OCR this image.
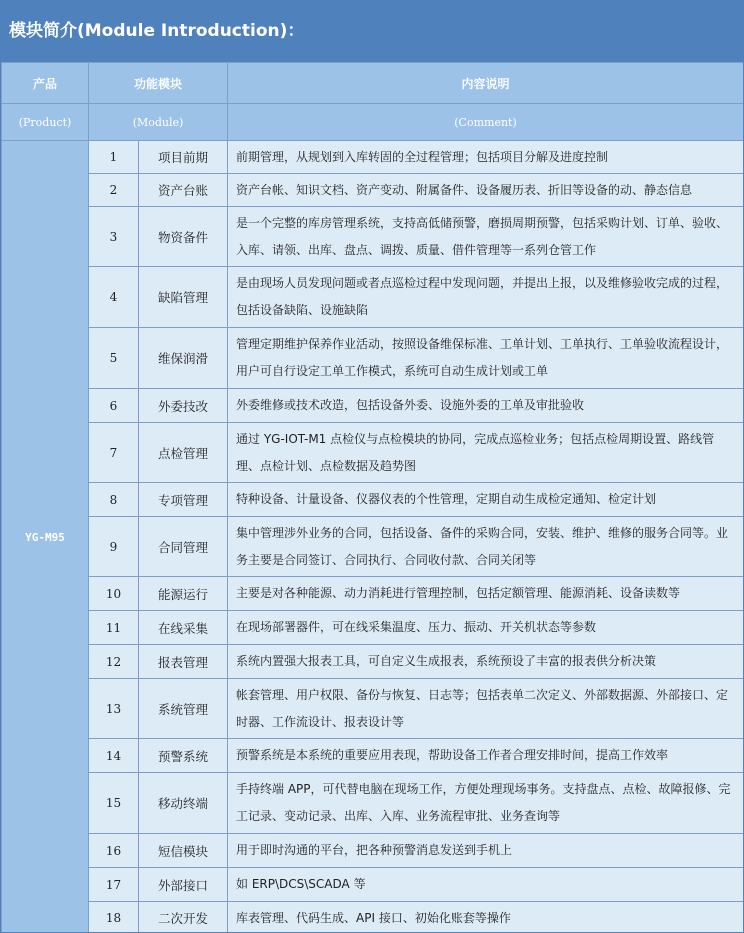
模块简介(Module Introduction)：
产品	功能模块		内容说明
(Product)	(Module)		(Comment)
YG-M95	1	项目前期	前期管理，从规划到入库转固的全过程管理；包括项目分解及进度控制
	2	资产台账	资产台帐、知识文档、资产变动、附属备件、设备履历表、折旧等设备的动、静态信息
	3	物资备件	是一个完整的库房管理系统，支持高低储预警，磨损周期预警，包括采购计划、订单、验收、入库、请领、出库、盘点、调拨、质量、借件管理等一系列仓管工作
	4	缺陷管理	是由现场人员发现问题或者点巡检过程中发现问题，并提出上报，以及维修验收完成的过程，包括设备缺陷、设施缺陷
	5	维保润滑	管理定期维护保养作业活动，按照设备维保标准、工单计划、工单执行、工单验收流程设计，用户可自行设定工单工作模式，系统可自动生成计划或工单
	6	外委技改	外委维修或技术改造，包括设备外委、设施外委的工单及审批验收
	7	点检管理	通过 YG-IOT-M1 点检仪与点检模块的协同，完成点巡检业务；包括点检周期设置、路线管理、点检计划、点检数据及趋势图
	8	专项管理	特种设备、计量设备、仪器仪表的个性管理，定期自动生成检定通知、检定计划
	9	合同管理	集中管理涉外业务的合同，包括设备、备件的采购合同，安装、维护、维修的服务合同等。业务主要是合同签订、合同执行、合同收付款、合同关闭等
	10	能源运行	主要是对各种能源、动力消耗进行管理控制，包括定额管理、能源消耗、设备读数等
	11	在线采集	在现场部署器件，可在线采集温度、压力、振动、开关机状态等参数
	12	报表管理	系统内置强大报表工具，可自定义生成报表，系统预设了丰富的报表供分析决策
	13	系统管理	帐套管理、用户权限、备份与恢复、日志等；包括表单二次定义、外部数据源、外部接口、定时器、工作流设计、报表设计等
	14	预警系统	预警系统是本系统的重要应用表现，帮助设备工作者合理安排时间，提高工作效率
	15	移动终端	手持终端 APP，可代替电脑在现场工作，方便处理现场事务。支持盘点、点检、故障报修、完工记录、变动记录、出库、入库、业务流程审批、业务查询等
	16	短信模块	用于即时沟通的平台，把各种预警消息发送到手机上
	17	外部接口	如 ERP\DCS\SCADA 等
	18	二次开发	库表管理、代码生成、API 接口、初始化账套等操作
